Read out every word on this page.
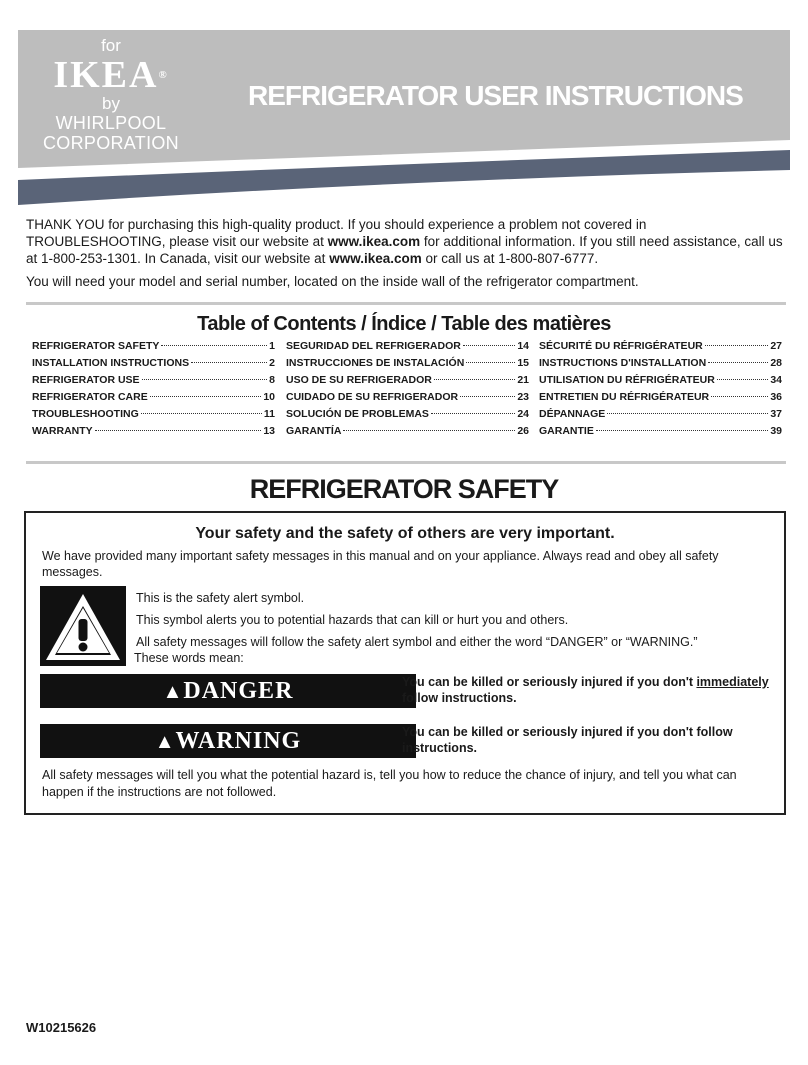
for
IKEA®
by
WHIRLPOOL
CORPORATION
REFRIGERATOR USER INSTRUCTIONS

THANK YOU for purchasing this high-quality product. If you should experience a problem not covered in TROUBLESHOOTING, please visit our website at www.ikea.com for additional information. If you still need assistance, call us at 1-800-253-1301. In Canada, visit our website at www.ikea.com or call us at 1-800-807-6777.

You will need your model and serial number, located on the inside wall of the refrigerator compartment.

Table of Contents / Índice / Table des matières
REFRIGERATOR SAFETY	1
INSTALLATION INSTRUCTIONS	2
REFRIGERATOR USE	8
REFRIGERATOR CARE	10
TROUBLESHOOTING	11
WARRANTY	13
SEGURIDAD DEL REFRIGERADOR	14
INSTRUCCIONES DE INSTALACIÓN	15
USO DE SU REFRIGERADOR	21
CUIDADO DE SU REFRIGERADOR	23
SOLUCIÓN DE PROBLEMAS	24
GARANTÍA	26
SÉCURITÉ DU RÉFRIGÉRATEUR	27
INSTRUCTIONS D'INSTALLATION	28
UTILISATION DU RÉFRIGÉRATEUR	34
ENTRETIEN DU RÉFRIGÉRATEUR	36
DÉPANNAGE	37
GARANTIE	39
REFRIGERATOR SAFETY
Your safety and the safety of others are very important.
We have provided many important safety messages in this manual and on your appliance. Always read and obey all safety messages.
This is the safety alert symbol.
This symbol alerts you to potential hazards that can kill or hurt you and others.
All safety messages will follow the safety alert symbol and either the word “DANGER” or “WARNING.”
These words mean:
▲DANGER	You can be killed or seriously injured if you don't immediately follow instructions.
▲WARNING	You can be killed or seriously injured if you don't follow instructions.
All safety messages will tell you what the potential hazard is, tell you how to reduce the chance of injury, and tell you what can happen if the instructions are not followed.
W10215626
